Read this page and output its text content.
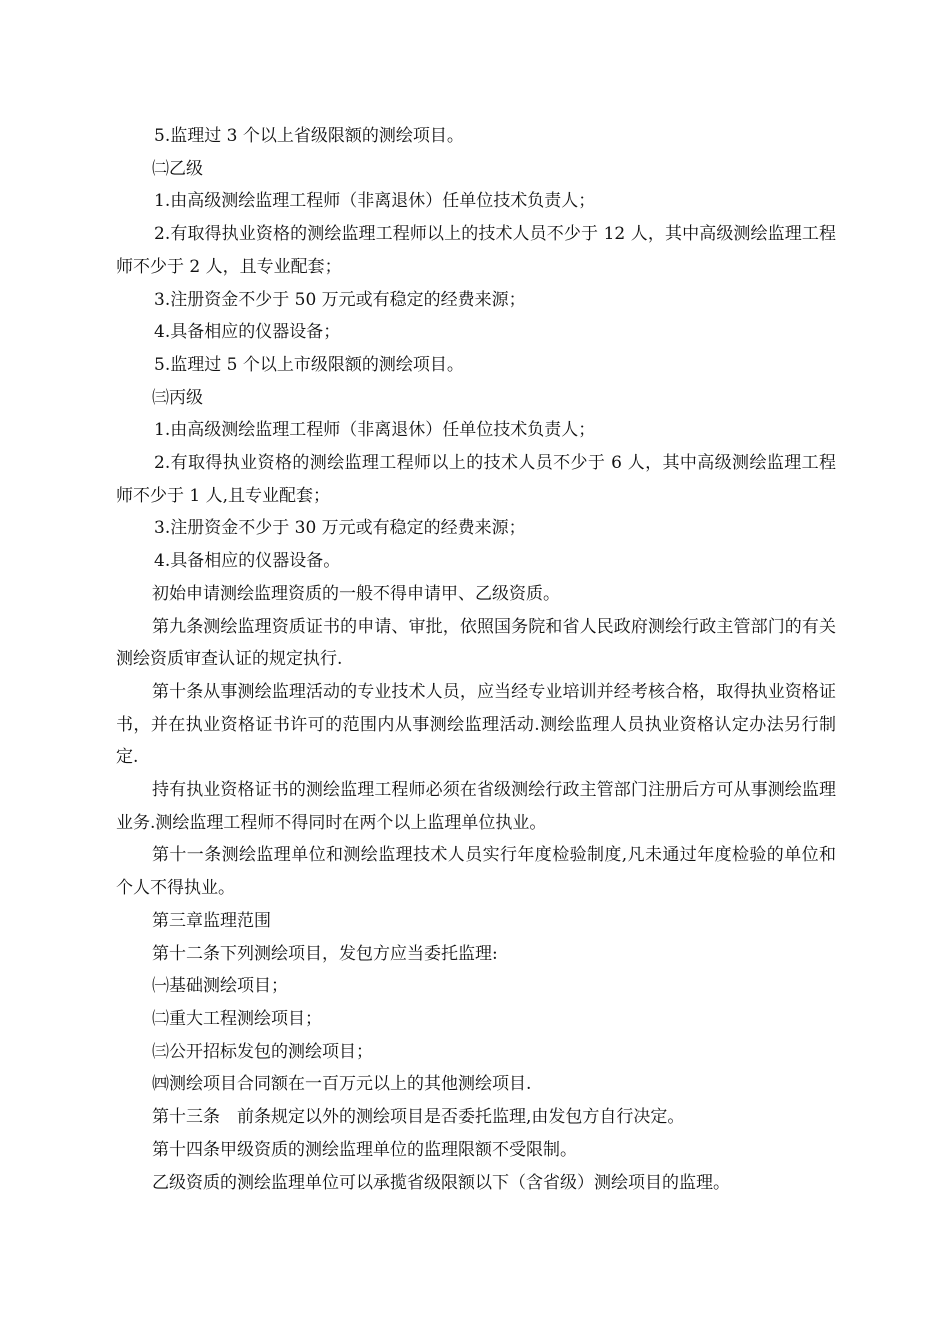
5.监理过 3 个以上省级限额的测绘项目。

㈡乙级

1.由高级测绘监理工程师（非离退休）任单位技术负责人；

2.有取得执业资格的测绘监理工程师以上的技术人员不少于 12 人，其中高级测绘监理工程师不少于 2 人，且专业配套；

3.注册资金不少于 50 万元或有稳定的经费来源；

4.具备相应的仪器设备；

5.监理过 5 个以上市级限额的测绘项目。

㈢丙级

1.由高级测绘监理工程师（非离退休）任单位技术负责人；

2.有取得执业资格的测绘监理工程师以上的技术人员不少于 6 人，其中高级测绘监理工程师不少于 1 人,且专业配套；

3.注册资金不少于 30 万元或有稳定的经费来源；

4.具备相应的仪器设备。

初始申请测绘监理资质的一般不得申请甲、乙级资质。

第九条测绘监理资质证书的申请、审批，依照国务院和省人民政府测绘行政主管部门的有关测绘资质审查认证的规定执行.

第十条从事测绘监理活动的专业技术人员，应当经专业培训并经考核合格，取得执业资格证书，并在执业资格证书许可的范围内从事测绘监理活动.测绘监理人员执业资格认定办法另行制定.

持有执业资格证书的测绘监理工程师必须在省级测绘行政主管部门注册后方可从事测绘监理业务.测绘监理工程师不得同时在两个以上监理单位执业。

第十一条测绘监理单位和测绘监理技术人员实行年度检验制度,凡未通过年度检验的单位和个人不得执业。

第三章监理范围

第十二条下列测绘项目，发包方应当委托监理:

㈠基础测绘项目；

㈡重大工程测绘项目；

㈢公开招标发包的测绘项目；

㈣测绘项目合同额在一百万元以上的其他测绘项目.

第十三条　前条规定以外的测绘项目是否委托监理,由发包方自行决定。

第十四条甲级资质的测绘监理单位的监理限额不受限制。

乙级资质的测绘监理单位可以承揽省级限额以下（含省级）测绘项目的监理。
